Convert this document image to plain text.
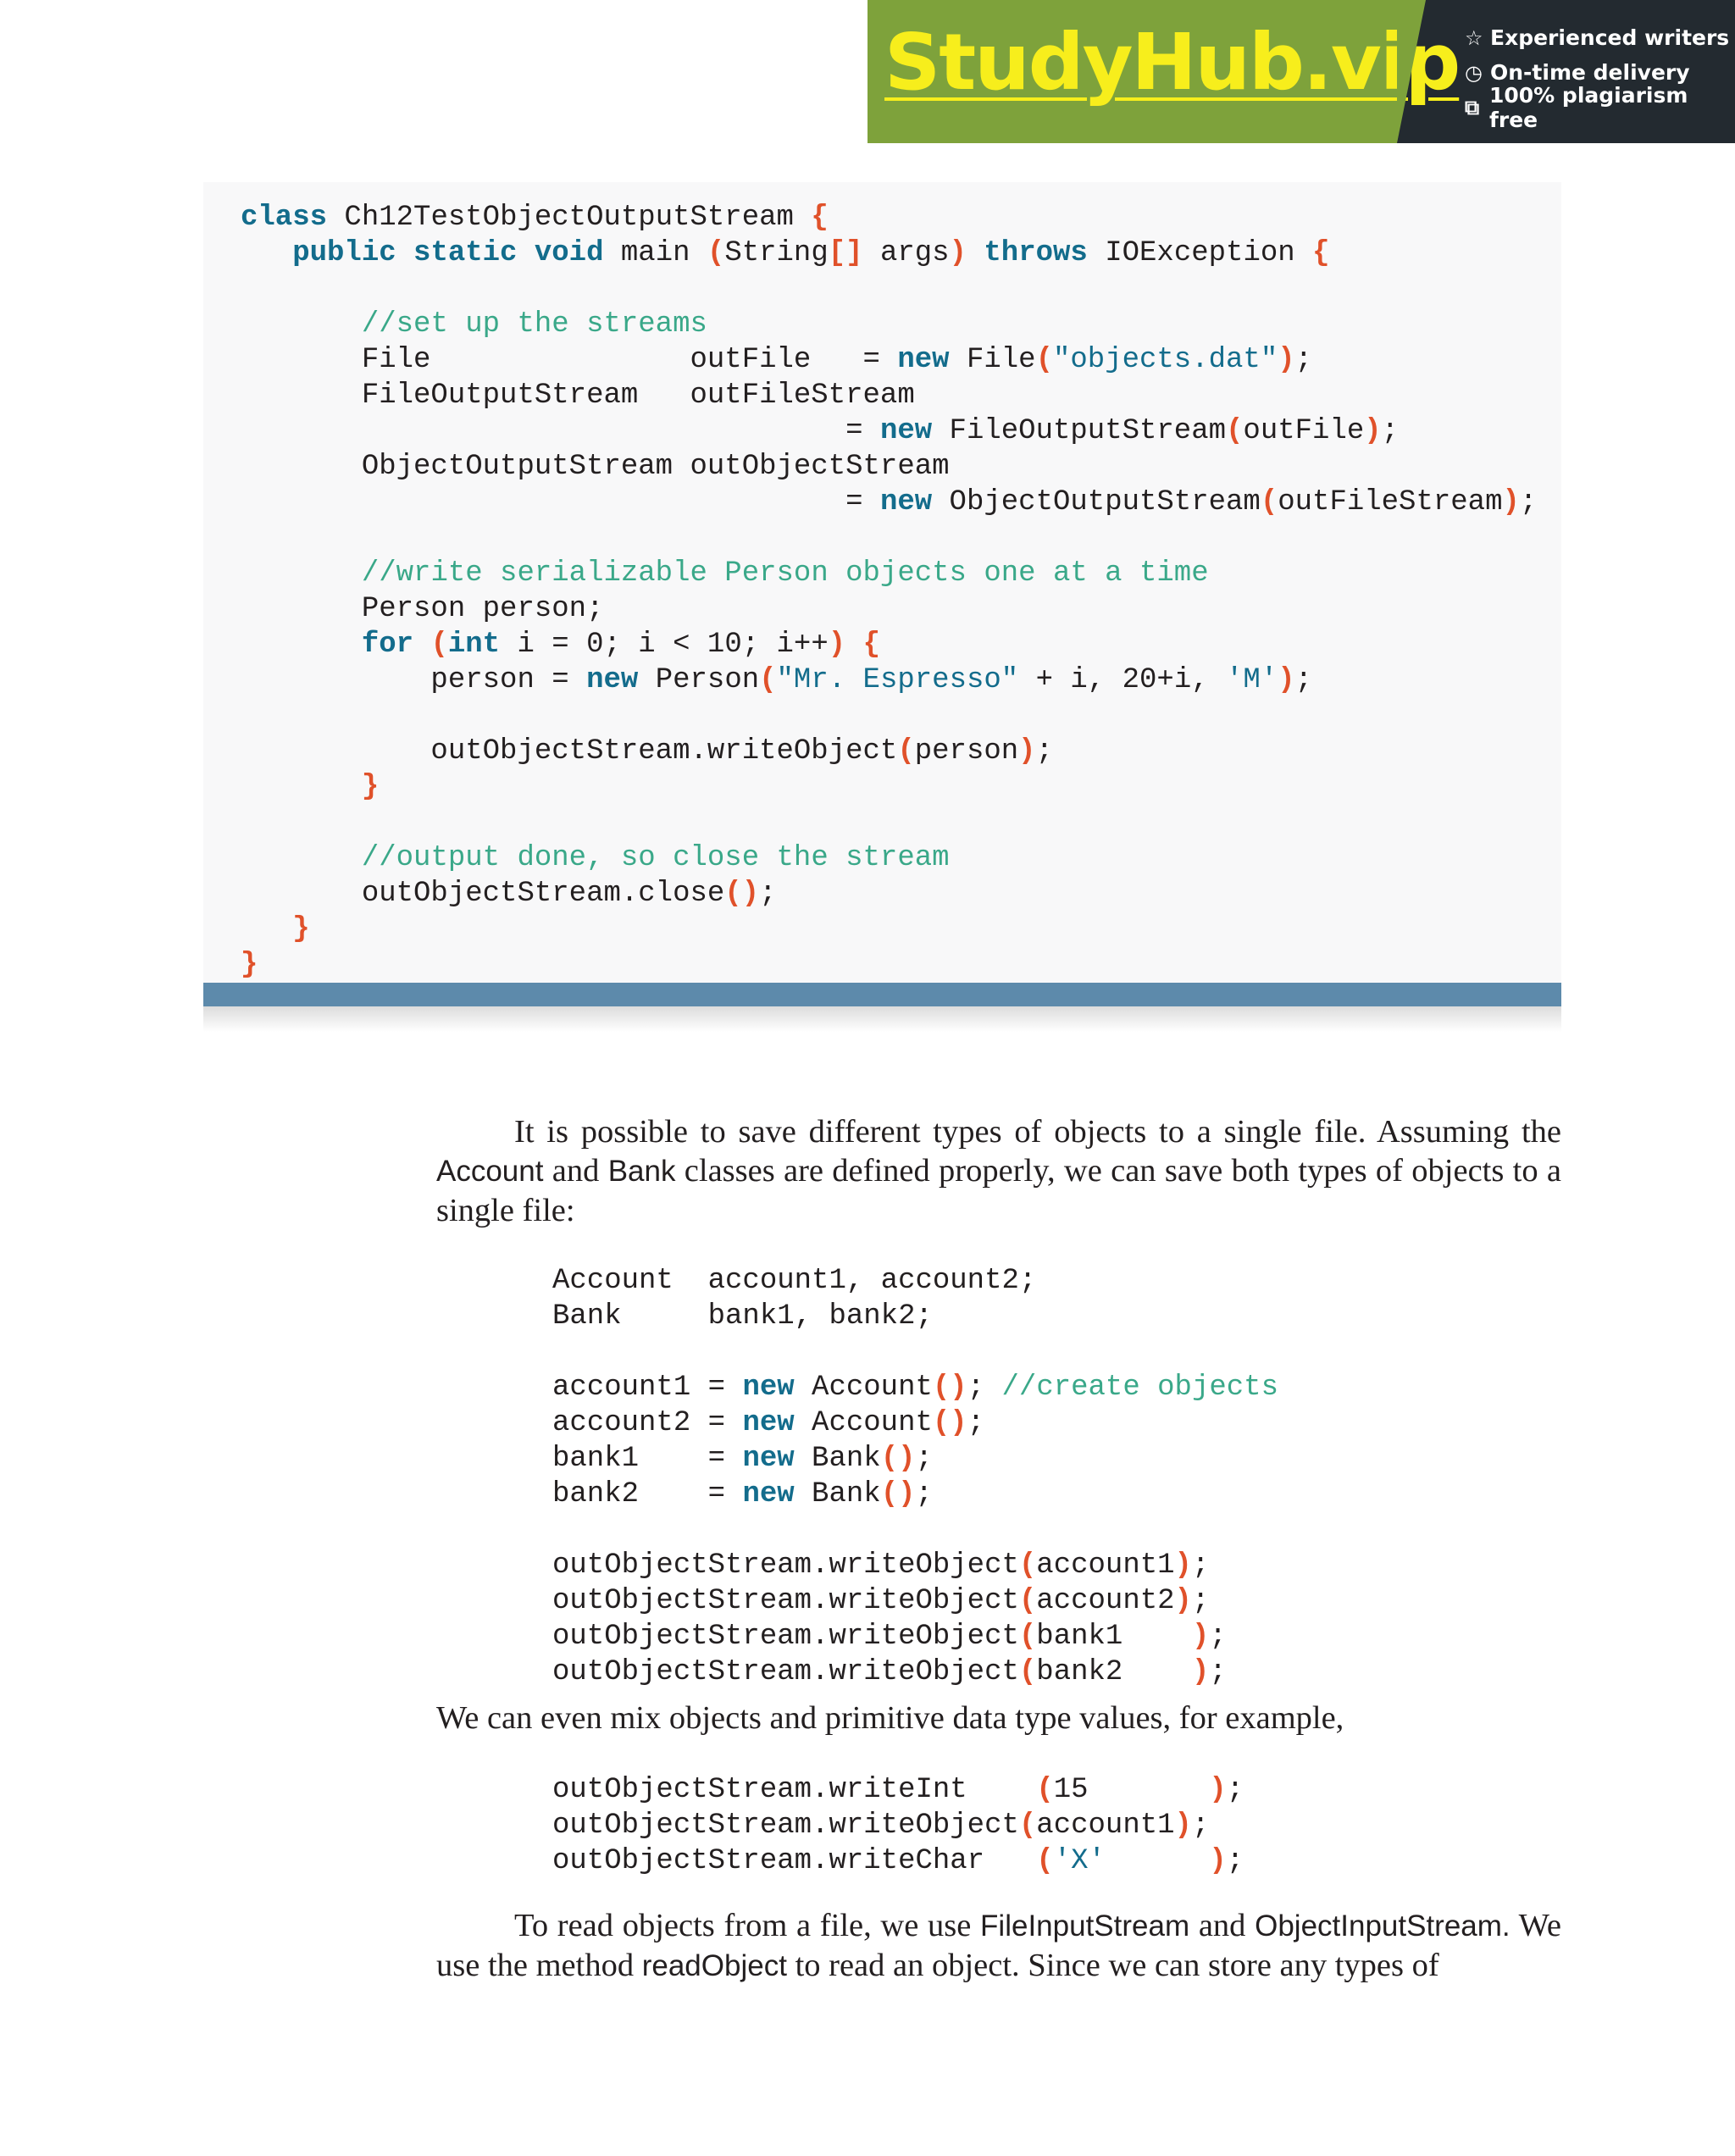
StudyHub.vip ☆ Experienced writers
◷ On-time delivery
⧉ 100% plagiarism free
class Ch12TestObjectOutputStream {
public static void main (String[] args) throws IOException {

//set up the streams
File               outFile   = new File("objects.dat");
FileOutputStream   outFileStream
= new FileOutputStream(outFile);
ObjectOutputStream outObjectStream
= new ObjectOutputStream(outFileStream);

//write serializable Person objects one at a time
Person person;
for (int i = 0; i < 10; i++) {
person = new Person("Mr. Espresso" + i, 20+i, 'M');

outObjectStream.writeObject(person);
}

//output done, so close the stream
outObjectStream.close();
}
}

It is possible to save different types of objects to a single file. Assuming the Account and Bank classes are defined properly, we can save both types of objects to a single file:

Account  account1, account2;
Bank     bank1, bank2;

account1 = new Account(); //create objects
account2 = new Account();
bank1    = new Bank();
bank2    = new Bank();

outObjectStream.writeObject(account1);
outObjectStream.writeObject(account2);
outObjectStream.writeObject(bank1    );
outObjectStream.writeObject(bank2    );

We can even mix objects and primitive data type values, for example,

outObjectStream.writeInt    (15       );
outObjectStream.writeObject(account1);
outObjectStream.writeChar   ('X'	);

To read objects from a file, we use FileInputStream and ObjectInputStream. We use the method readObject to read an object. Since we can store any types of
